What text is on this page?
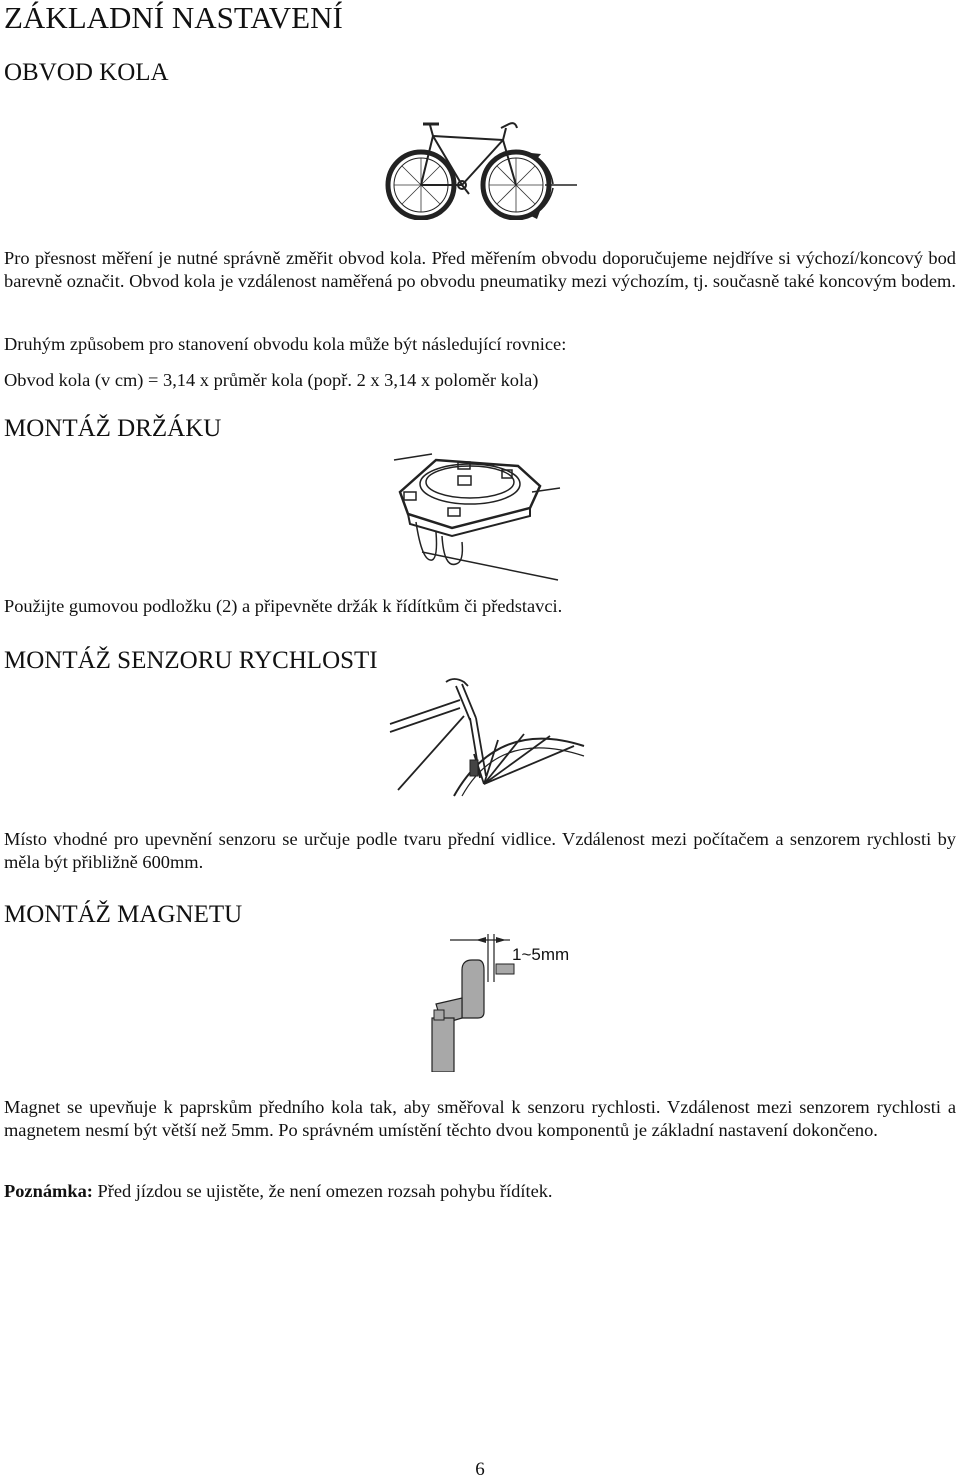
ZÁKLADNÍ NASTAVENÍ
OBVOD KOLA

Pro přesnost měření je nutné správně změřit obvod kola. Před měřením obvodu doporučujeme nejdříve si výchozí/koncový bod barevně označit. Obvod kola je vzdálenost naměřená po obvodu pneumatiky mezi výchozím, tj. současně také koncovým bodem.

Druhým způsobem pro stanovení obvodu kola může být následující rovnice:

Obvod kola (v cm) = 3,14 x průměr kola (popř. 2 x 3,14 x poloměr kola)

MONTÁŽ DRŽÁKU

Použijte gumovou podložku (2) a připevněte držák k řídítkům či představci.

MONTÁŽ SENZORU RYCHLOSTI

Místo vhodné pro upevnění senzoru se určuje podle tvaru přední vidlice. Vzdálenost mezi počítačem a senzorem rychlosti by měla být přibližně 600mm.

MONTÁŽ MAGNETU
1~5mm

Magnet se upevňuje k paprskům předního kola tak, aby směřoval k senzoru rychlosti. Vzdálenost mezi senzorem rychlosti a magnetem nesmí být větší než 5mm. Po správném umístění těchto dvou komponentů je základní nastavení dokončeno.

Poznámka: Před jízdou se ujistěte, že není omezen rozsah pohybu řídítek.

6
